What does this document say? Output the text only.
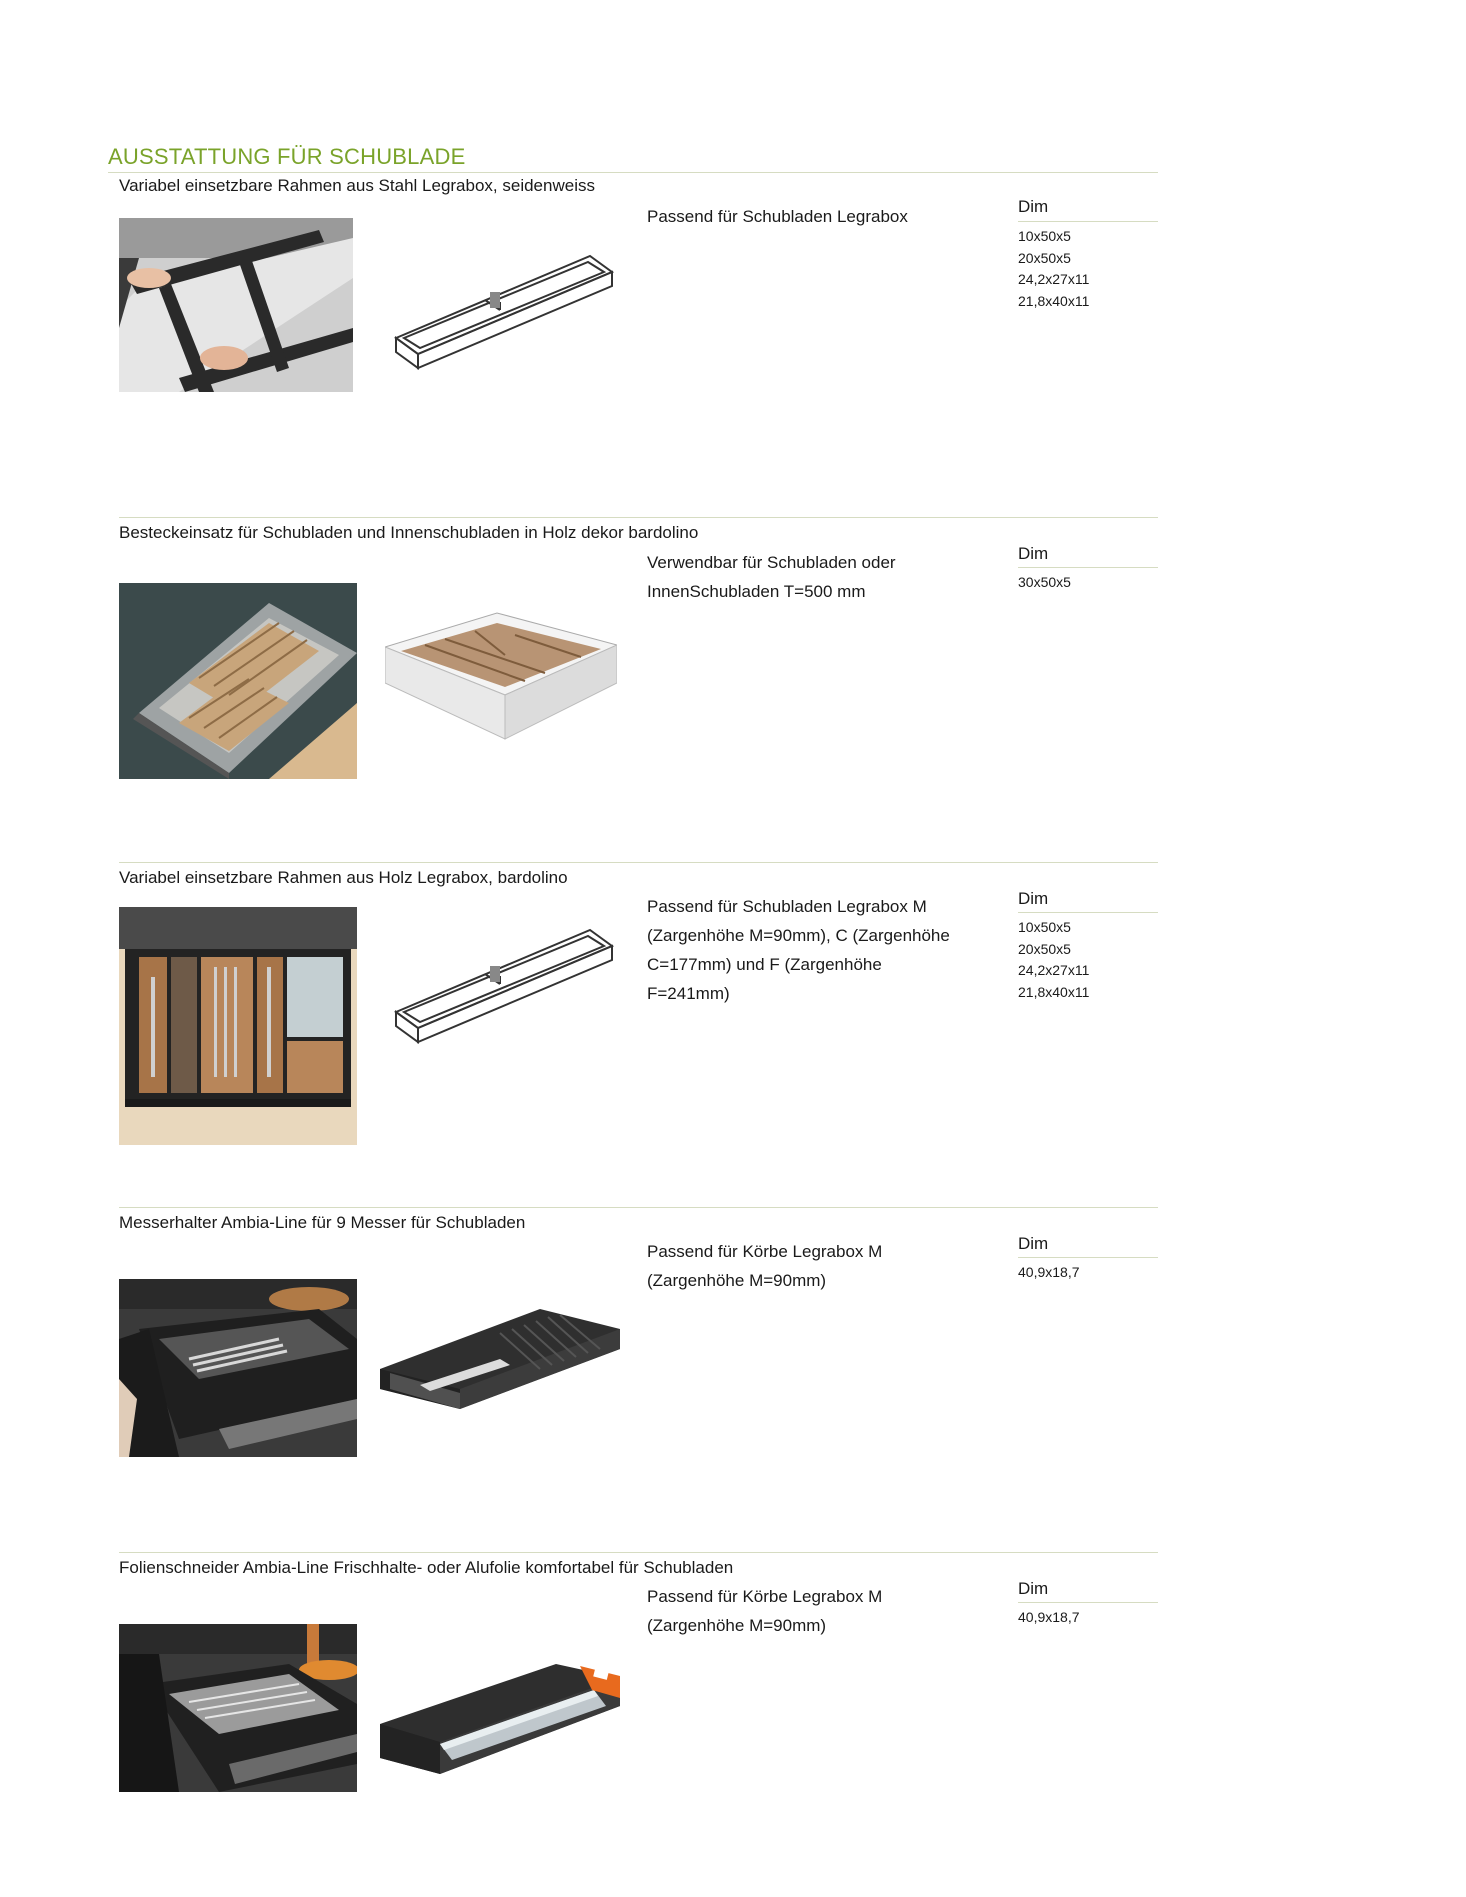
AUSSTATTUNG FÜR SCHUBLADE
Variabel einsetzbare Rahmen aus Stahl Legrabox, seidenweiss
Passend für Schubladen Legrabox
Dim
10x50x5
20x50x5
24,2x27x11
21,8x40x11
Besteckeinsatz für Schubladen und Innenschubladen in Holz dekor bardolino
Verwendbar für Schubladen oder InnenSchubladen T=500 mm
Dim
30x50x5
Variabel einsetzbare Rahmen aus Holz Legrabox, bardolino
Passend für Schubladen Legrabox M (Zargenhöhe M=90mm), C (Zargenhöhe C=177mm) und F (Zargenhöhe F=241mm)
Dim
10x50x5
20x50x5
24,2x27x11
21,8x40x11
Messerhalter Ambia-Line für 9 Messer für Schubladen
Passend für Körbe Legrabox M (Zargenhöhe M=90mm)
Dim
40,9x18,7
Folienschneider Ambia-Line Frischhalte- oder Alufolie komfortabel für Schubladen
Passend für Körbe Legrabox M (Zargenhöhe M=90mm)
Dim
40,9x18,7
